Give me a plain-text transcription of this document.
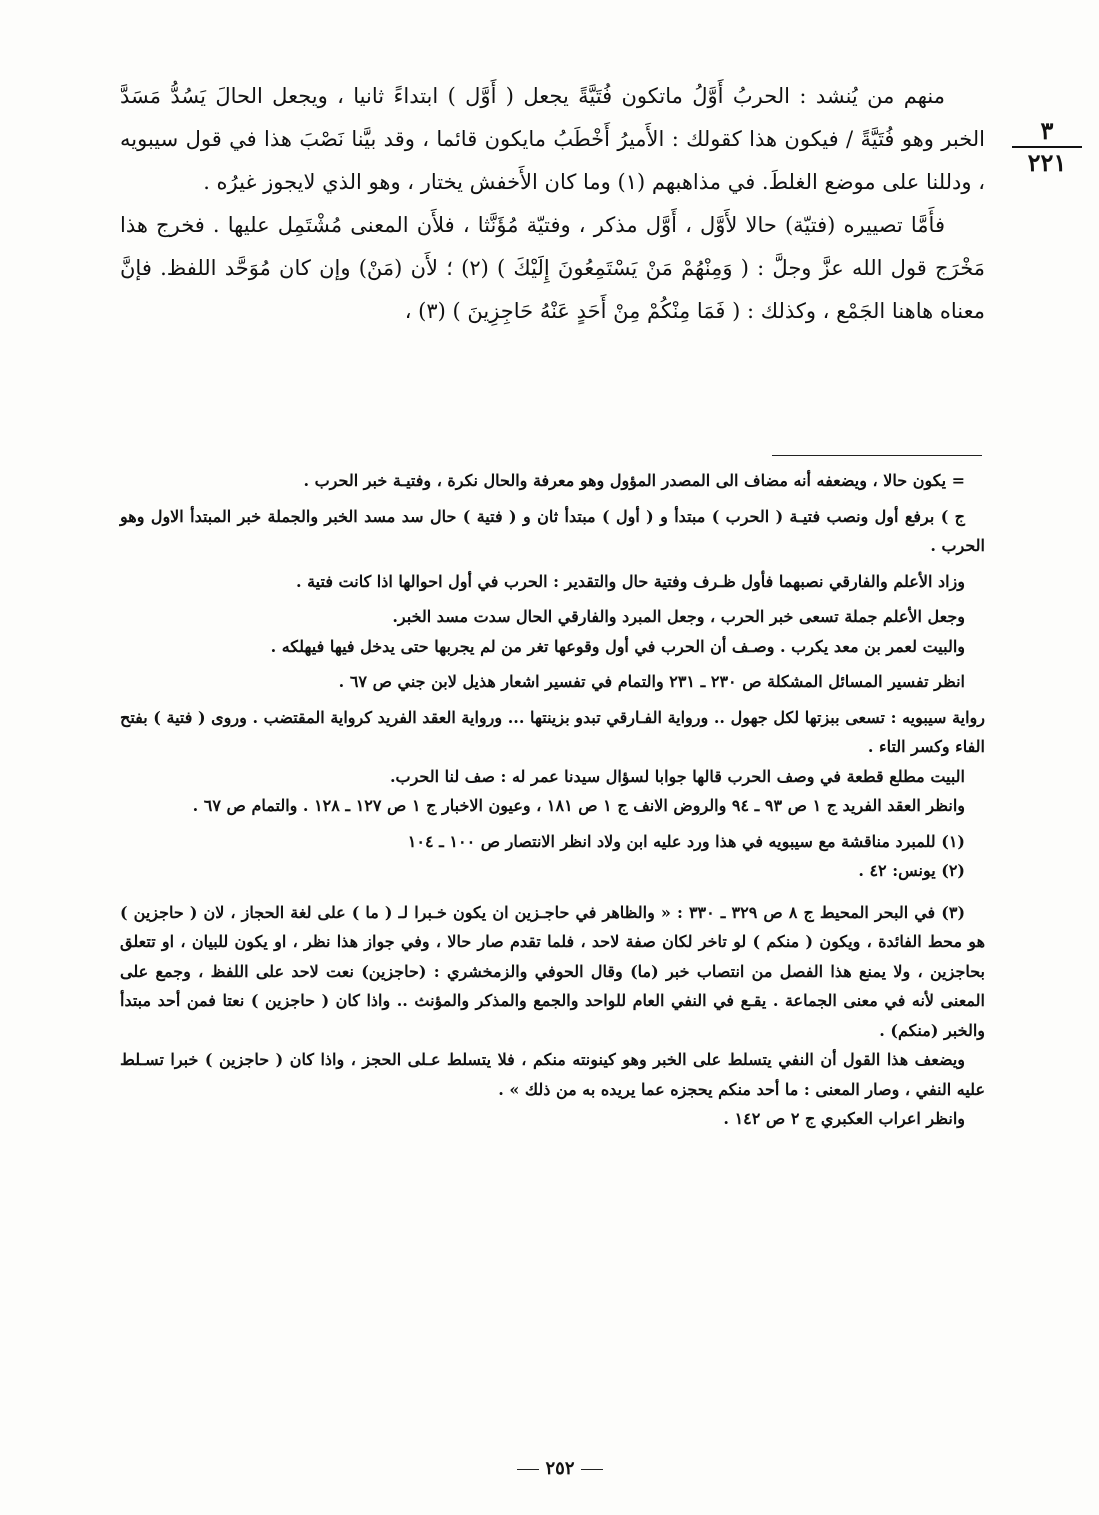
٣
٢٢١

منهم من يُنشد : الحربُ أَوَّلُ ماتكون فُتَيَّةً يجعل ( أَوَّل ) ابتداءً ثانيا ، ويجعل الحالَ يَسُدُّ مَسَدَّ الخبر وهو فُتَيَّةً / فيكون هذا كقولك : الأَميرُ أَخْطَبُ مايكون قائما ، وقد بيَّنا نَصْبَ هذا في قول سيبويه ، ودللنا على موضع الغلطَ. في مذاهبهم (١) وما كان الأَخفش يختار ، وهو الذي لايجوز غيرُه .

فأَمَّا تصييره (فتيّة) حالا لأَوَّل ، أَوَّل مذكر ، وفتيّة مُؤَنَّثا ، فلأَن المعنى مُشْتَمِل عليها . فخرج هذا مَخْرَج قول الله عزَّ وجلَّ : ( وَمِنْهُمْ مَنْ يَسْتَمِعُونَ إِلَيْكَ ) (٢) ؛ لأَن (مَنْ) وإن كان مُوَحَّد اللفظ. فإنَّ معناه هاهنا الجَمْع ، وكذلك : ( فَمَا مِنْكُمْ مِنْ أَحَدٍ عَنْهُ حَاجِزِينَ ) (٣) ،

= يكون حالا ، ويضعفه أنه مضاف الى المصدر المؤول وهو معرفة والحال نكرة ، وفتيـة خبر الحرب .

ج ) برفع أول ونصب فتيـة ( الحرب ) مبتدأ و ( أول ) مبتدأ ثان و ( فتية ) حال سد مسد الخبر والجملة خبر المبتدأ الاول وهو الحرب .

وزاد الأعلم والفارقي نصبهما فأول ظـرف وفتية حال والتقدير : الحرب في أول احوالها اذا كانت فتية .

وجعل الأعلم جملة تسعى خبر الحرب ، وجعل المبرد والفارقي الحال سدت مسد الخبر.

والبيت لعمر بن معد يكرب . وصـف أن الحرب في أول وقوعها تغر من لم يجربها حتى يدخل فيها فيهلكه .

انظر تفسير المسائل المشكلة ص ٢٣٠ ـ ٢٣١ والتمام في تفسير اشعار هذيل لابن جني ص ٦٧ .

رواية سيبويه : تسعى ببزتها لكل جهول .. ورواية الفـارقي تبدو بزينتها ... ورواية العقد الفريد كرواية المقتضب . وروى ( فتية ) بفتح الفاء وكسر التاء .

البيت مطلع قطعة في وصف الحرب قالها جوابا لسؤال سيدنا عمر له : صف لنا الحرب.

وانظر العقد الفريد ج ١ ص ٩٣ ـ ٩٤ والروض الانف ج ١ ص ١٨١ ، وعيون الاخبار ج ١ ص ١٢٧ ـ ١٢٨ . والتمام ص ٦٧ .

(١) للمبرد مناقشة مع سيبويه في هذا ورد عليه ابن ولاد انظر الانتصار ص ١٠٠ ـ ١٠٤

(٢) يونس: ٤٢ .

(٣) في البحر المحيط ج ٨ ص ٣٢٩ ـ ٣٣٠ : « والظاهر في حاجـزين ان يكون خـبرا لـ ( ما ) على لغة الحجاز ، لان ( حاجزين ) هو محط الفائدة ، ويكون ( منكم ) لو تاخر لكان صفة لاحد ، فلما تقدم صار حالا ، وفي جواز هذا نظر ، او يكون للبيان ، او تتعلق بحاجزين ، ولا يمنع هذا الفصل من انتصاب خبر (ما) وقال الحوفي والزمخشري : (حاجزين) نعت لاحد على اللفظ ، وجمع على المعنى لأنه في معنى الجماعة . يقـع في النفي العام للواحد والجمع والمذكر والمؤنث .. واذا كان ( حاجزين ) نعتا فمن أحد مبتدأ والخبر (منكم) .

ويضعف هذا القول أن النفي يتسلط على الخبر وهو كينونته منكم ، فلا يتسلط عـلى الحجز ، واذا كان ( حاجزين ) خبرا تسـلط عليه النفي ، وصار المعنى : ما أحد منكم يحجزه عما يريده به من ذلك » .

وانظر اعراب العكبري ج ٢ ص ١٤٢ .

٢٥٢
